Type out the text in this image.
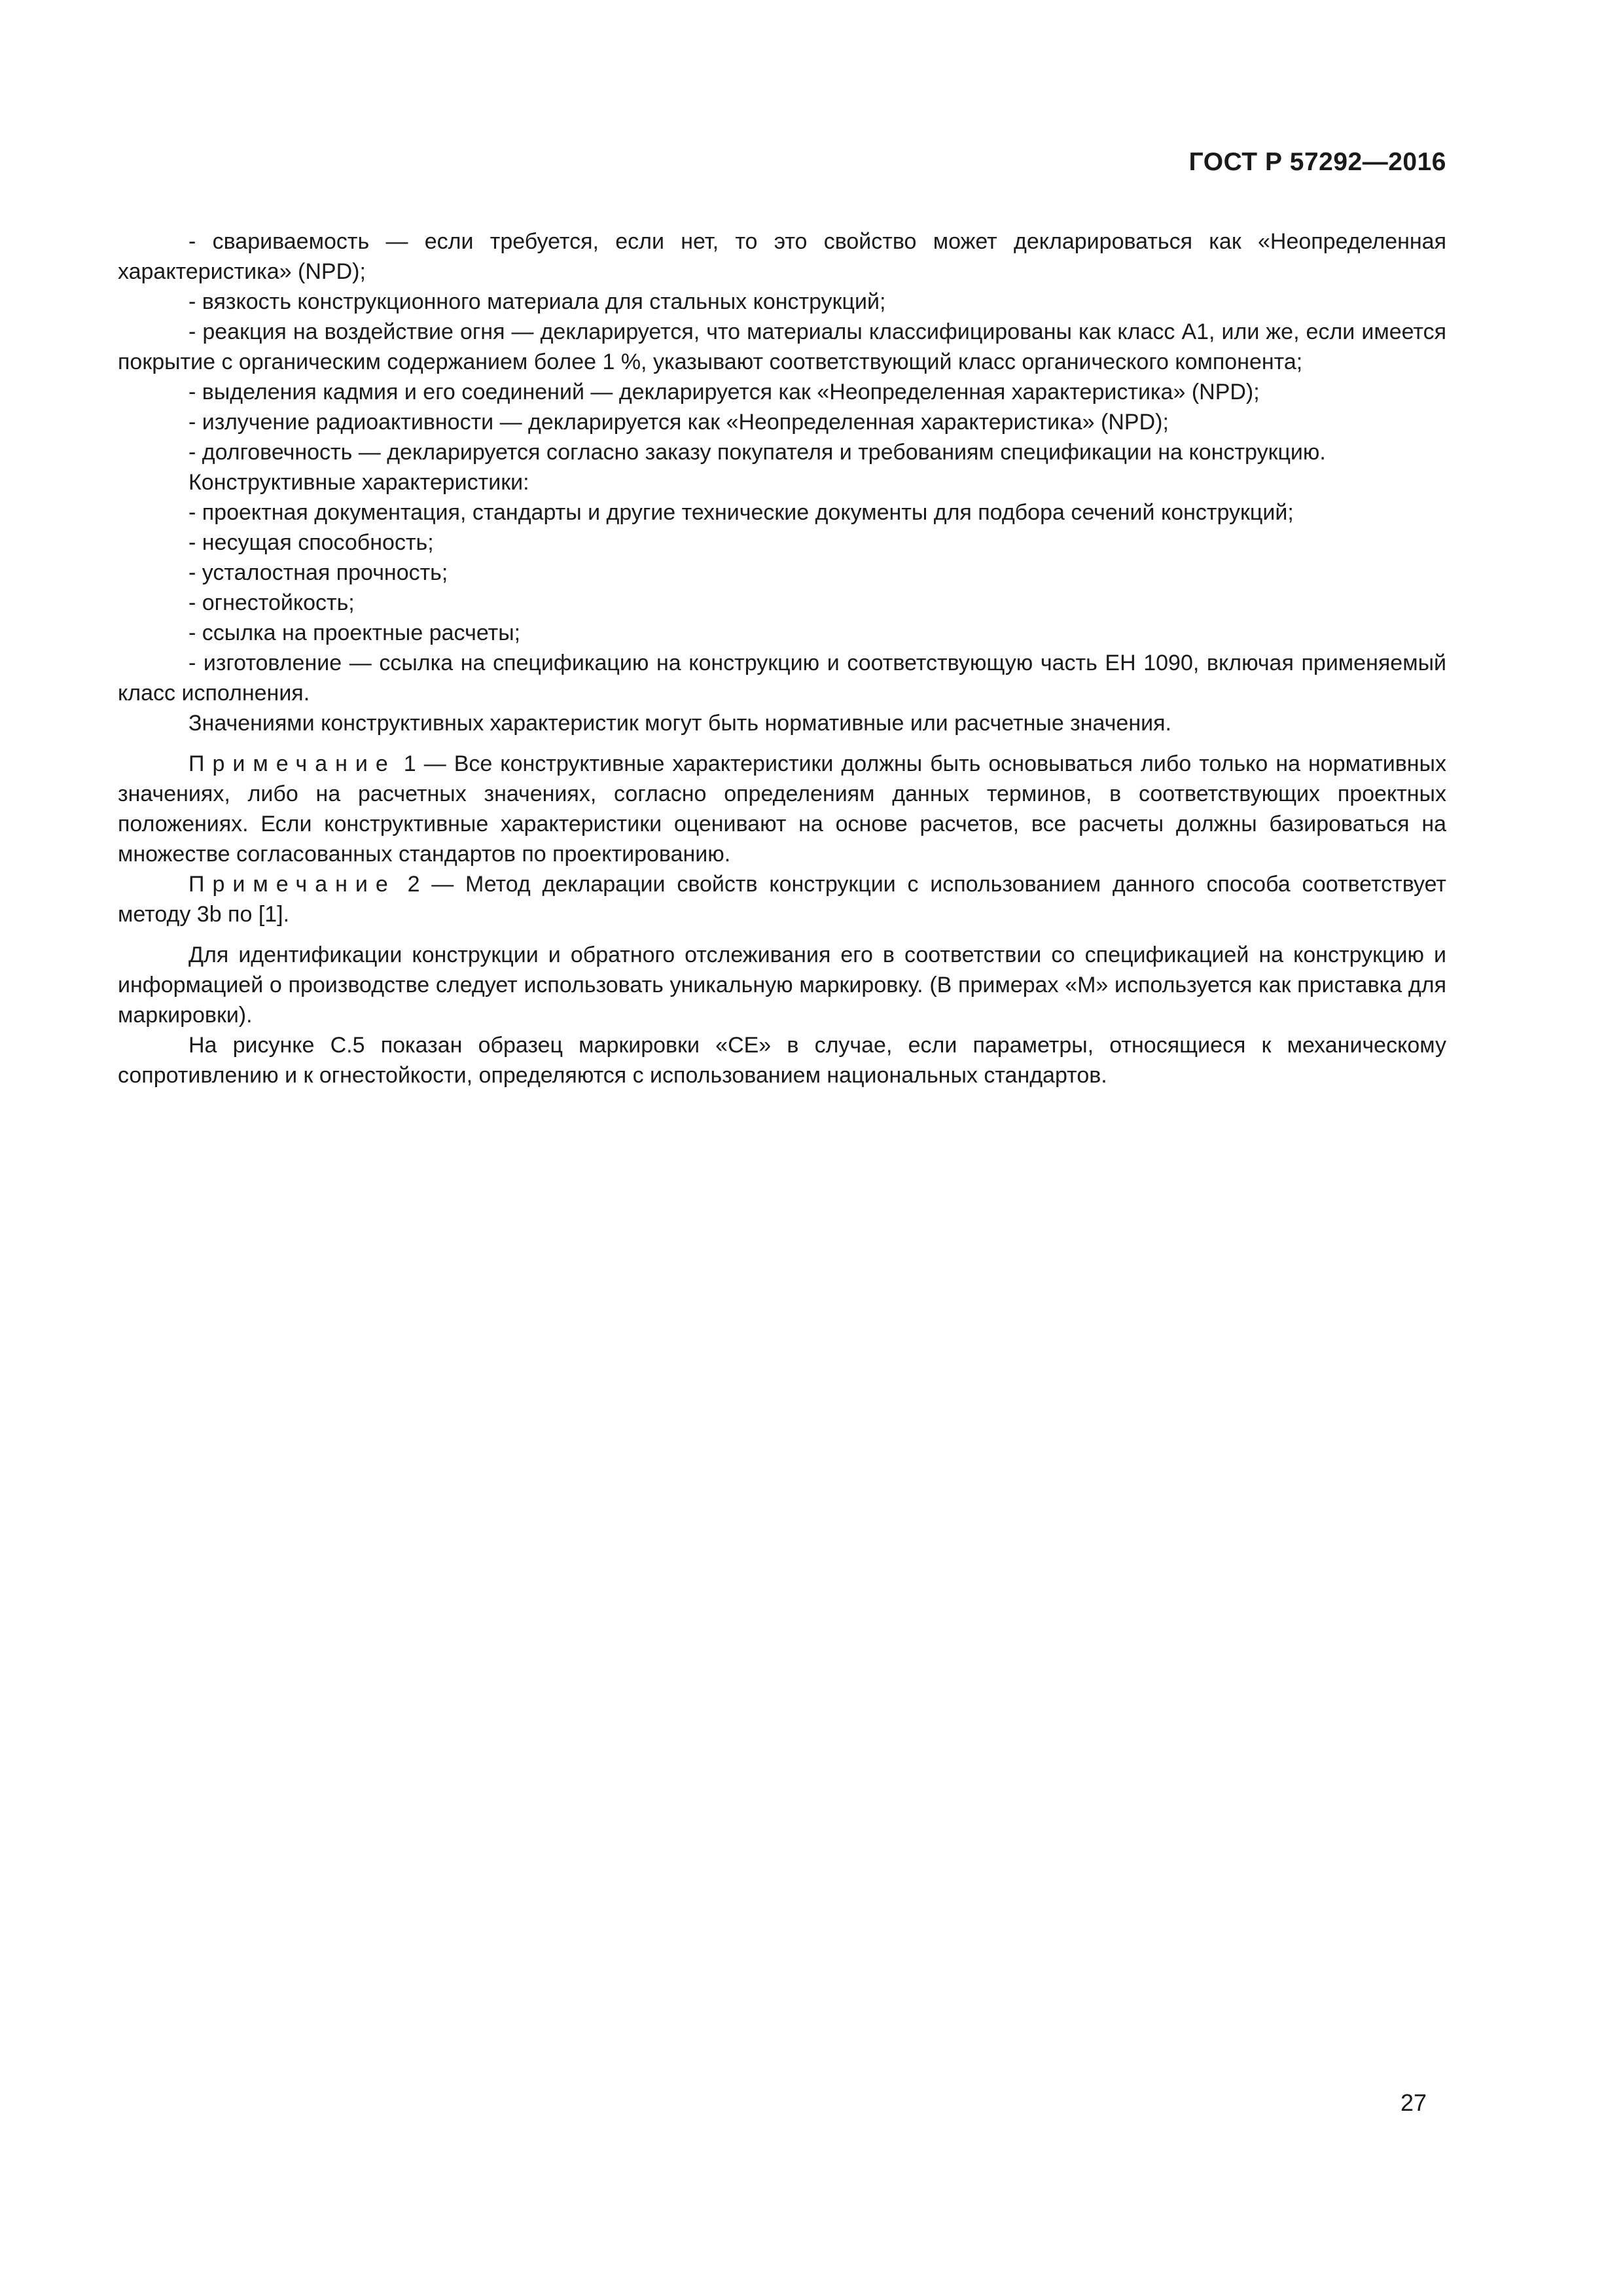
ГОСТ Р 57292—2016

- свариваемость — если требуется, если нет, то это свойство может декларироваться как «Неопределенная характеристика» (NPD);

- вязкость конструкционного материала для стальных конструкций;

- реакция на воздействие огня — декларируется, что материалы классифицированы как класс А1, или же, если имеется покрытие с органическим содержанием более 1 %, указывают соответствующий класс органического компонента;

- выделения кадмия и его соединений — декларируется как «Неопределенная характеристика» (NPD);

- излучение радиоактивности — декларируется как «Неопределенная характеристика» (NPD);

- долговечность — декларируется согласно заказу покупателя и требованиям спецификации на конструкцию.

Конструктивные характеристики:

- проектная документация, стандарты и другие технические документы для подбора сечений конструкций;

- несущая способность;

- усталостная прочность;

- огнестойкость;

- ссылка на проектные расчеты;

- изготовление — ссылка на спецификацию на конструкцию и соответствующую часть ЕН 1090, включая применяемый класс исполнения.

Значениями конструктивных характеристик могут быть нормативные или расчетные значения.

Примечание 1 — Все конструктивные характеристики должны быть основываться либо только на нормативных значениях, либо на расчетных значениях, согласно определениям данных терминов, в соответствующих проектных положениях. Если конструктивные характеристики оценивают на основе расчетов, все расчеты должны базироваться на множестве согласованных стандартов по проектированию.

Примечание 2 — Метод декларации свойств конструкции с использованием данного способа соответствует методу 3b по [1].

Для идентификации конструкции и обратного отслеживания его в соответствии со спецификацией на конструкцию и информацией о производстве следует использовать уникальную маркировку. (В примерах «М» используется как приставка для маркировки).

На рисунке С.5 показан образец маркировки «СЕ» в случае, если параметры, относящиеся к механическому сопротивлению и к огнестойкости, определяются с использованием национальных стандартов.

27
